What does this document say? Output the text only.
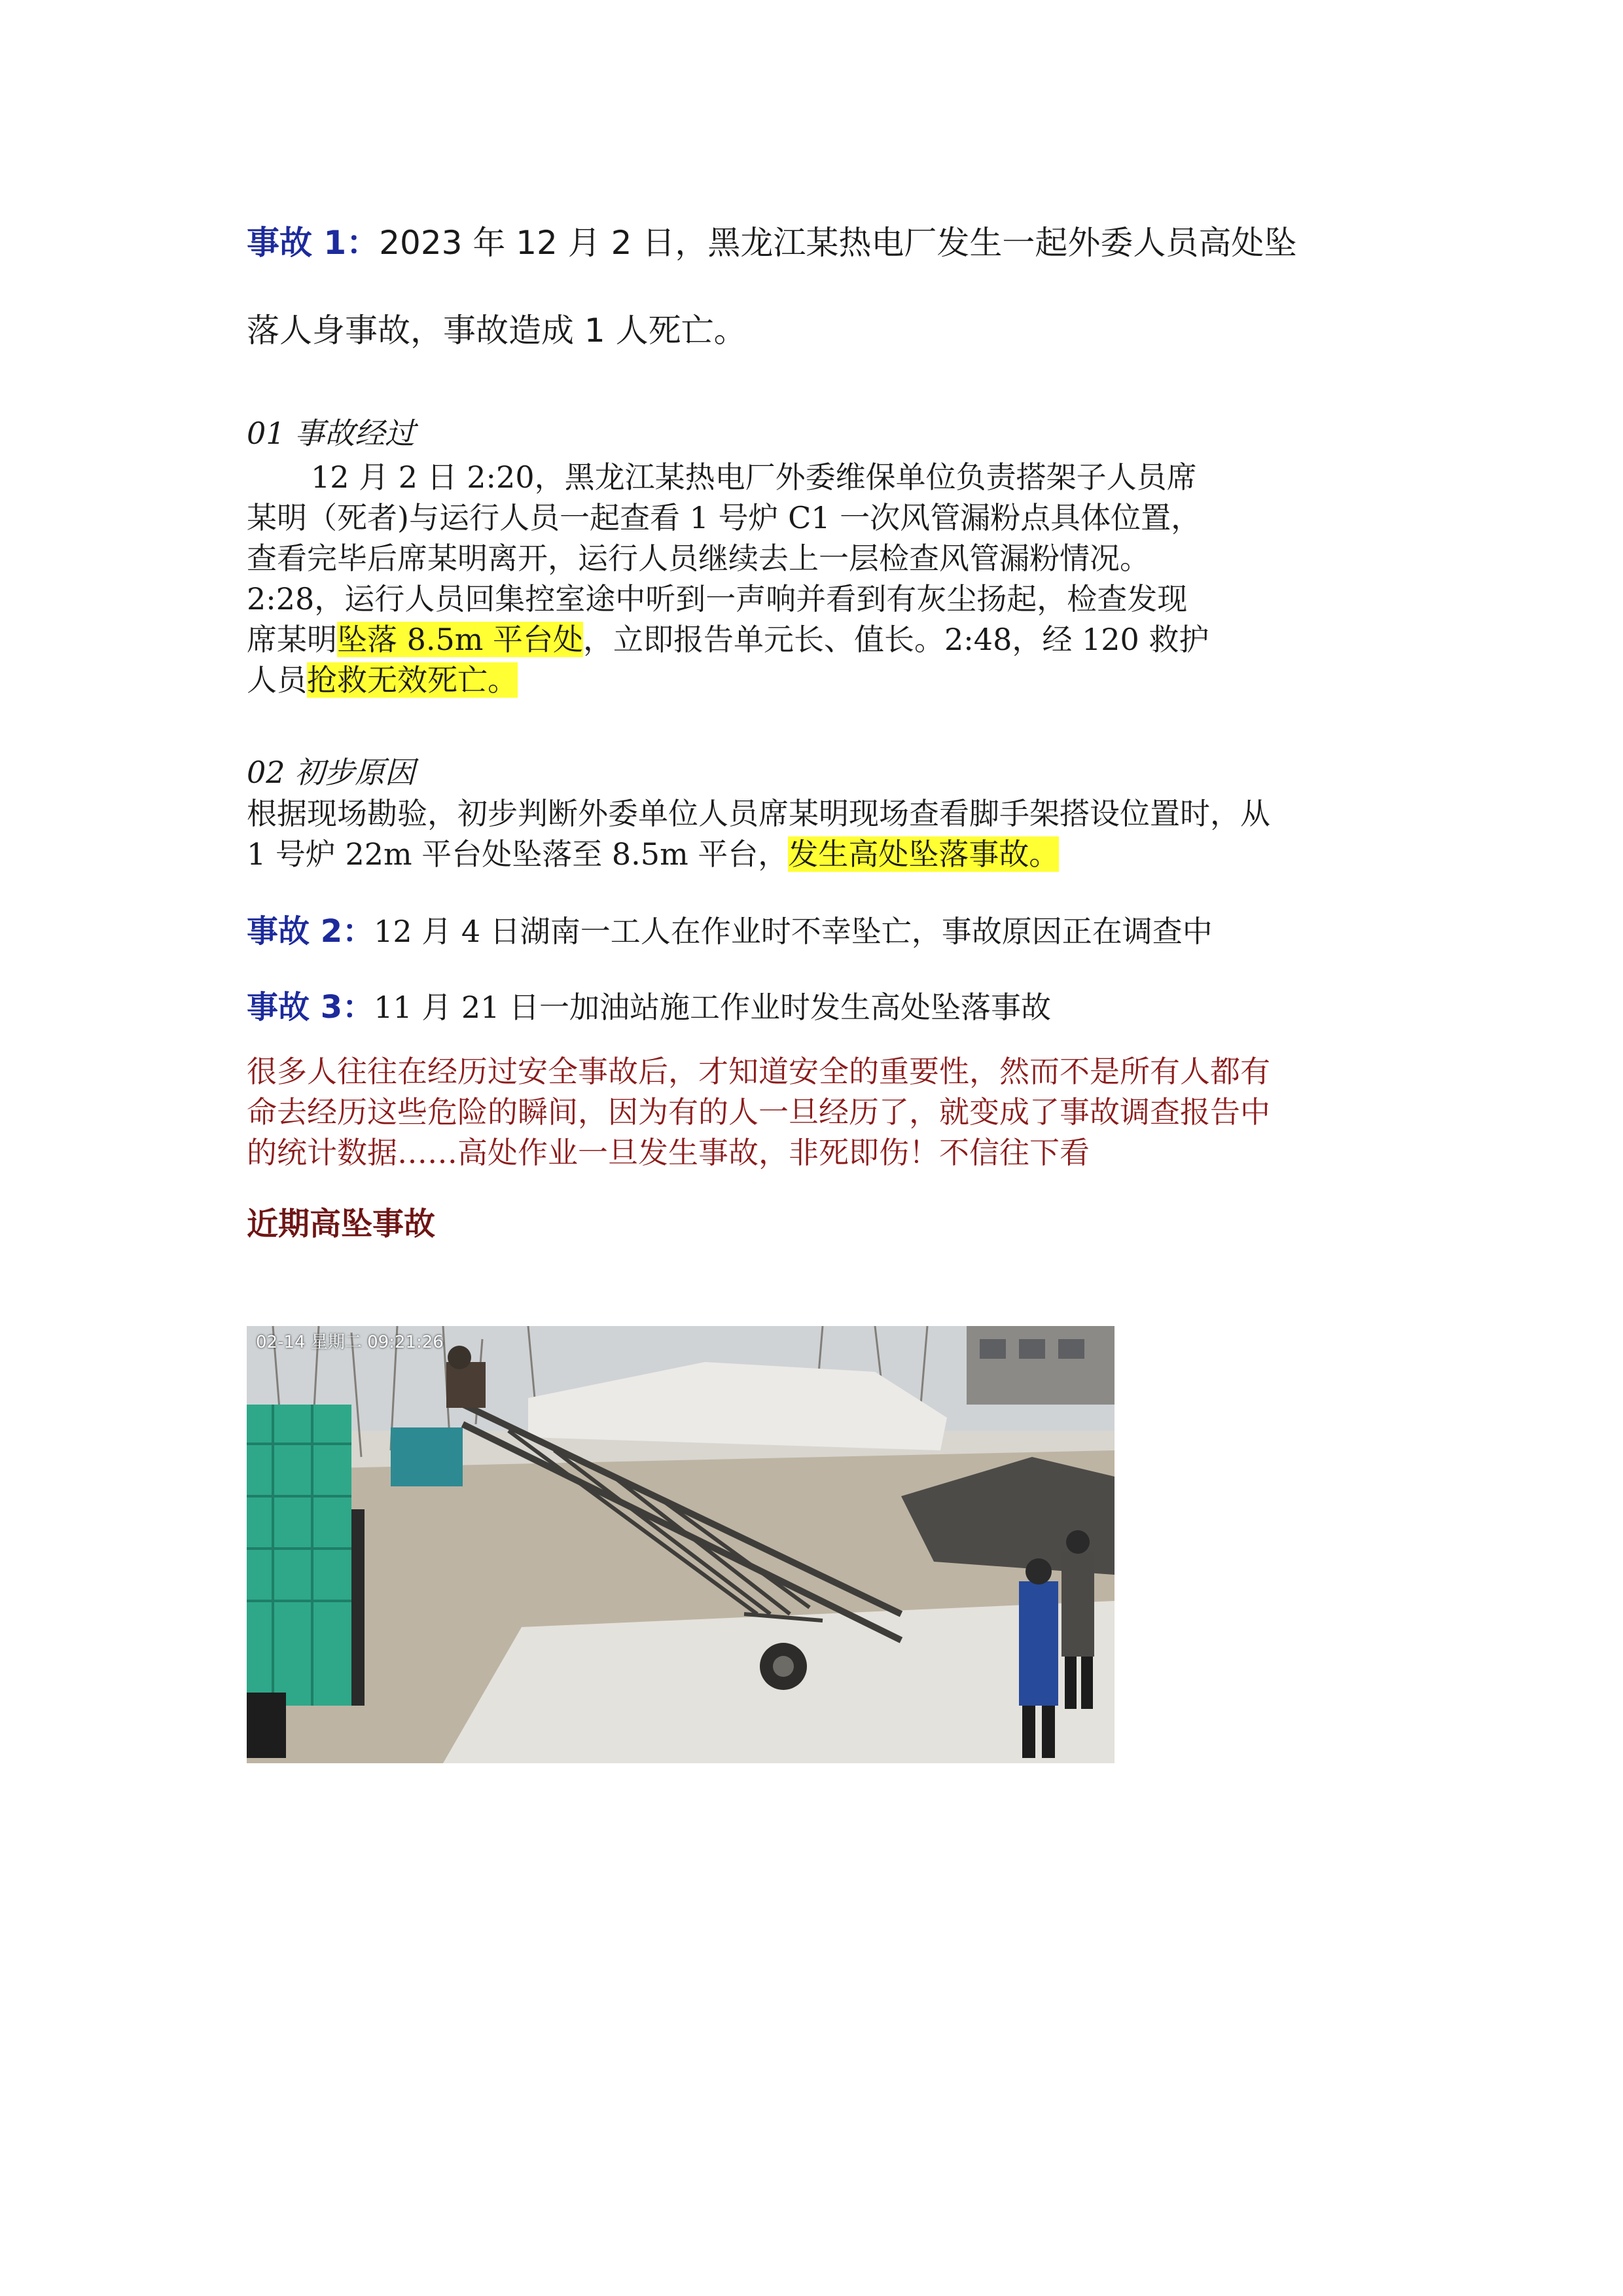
事故 1：2023 年 12 月 2 日，黑龙江某热电厂发生一起外委人员高处坠
落人身事故，事故造成 1 人死亡。
01 事故经过
12 月 2 日 2:20，黑龙江某热电厂外委维保单位负责搭架子人员席
某明（死者)与运行人员一起查看 1 号炉 C1 一次风管漏粉点具体位置，
查看完毕后席某明离开，运行人员继续去上一层检查风管漏粉情况。
2:28，运行人员回集控室途中听到一声响并看到有灰尘扬起，检查发现
席某明坠落 8.5m 平台处，立即报告单元长、值长。2:48，经 120 救护
人员抢救无效死亡。
02 初步原因
根据现场勘验，初步判断外委单位人员席某明现场查看脚手架搭设位置时，从
1 号炉 22m 平台处坠落至 8.5m 平台，发生高处坠落事故。
事故 2：12 月 4 日湖南一工人在作业时不幸坠亡，事故原因正在调查中
事故 3：11 月 21 日一加油站施工作业时发生高处坠落事故
很多人往往在经历过安全事故后，才知道安全的重要性，然而不是所有人都有
命去经历这些危险的瞬间，因为有的人一旦经历了，就变成了事故调查报告中
的统计数据……高处作业一旦发生事故，非死即伤！不信往下看
近期高坠事故
02-14 星期二 09:21:26
